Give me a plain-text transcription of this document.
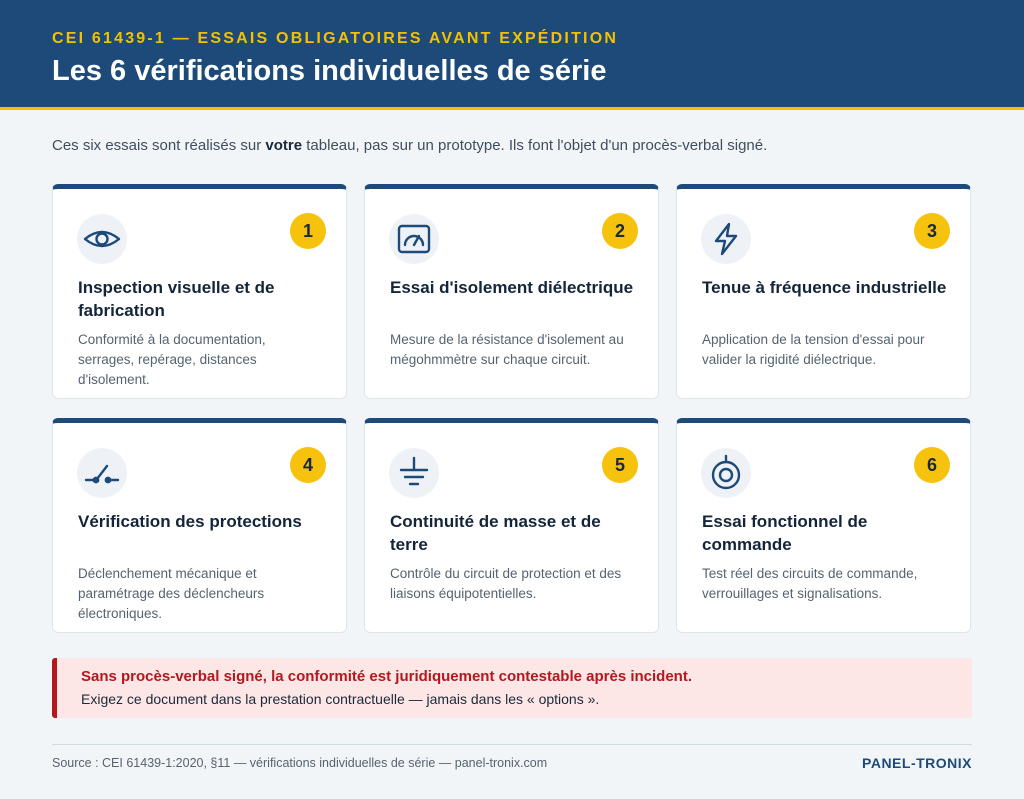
CEI 61439-1 — ESSAIS OBLIGATOIRES AVANT EXPÉDITION
Les 6 vérifications individuelles de série

Ces six essais sont réalisés sur votre tableau, pas sur un prototype. Ils font l'objet d'un procès-verbal signé.

1
Inspection visuelle et de fabrication
Conformité à la documentation, serrages, repérage, distances d'isolement.
2
Essai d'isolement diélectrique
Mesure de la résistance d'isolement au mégohmmètre sur chaque circuit.
3
Tenue à fréquence industrielle
Application de la tension d'essai pour valider la rigidité diélectrique.
4
Vérification des protections
Déclenchement mécanique et paramétrage des déclencheurs électroniques.
5
Continuité de masse et de terre
Contrôle du circuit de protection et des liaisons équipotentielles.
6
Essai fonctionnel de commande
Test réel des circuits de commande, verrouillages et signalisations.
Sans procès-verbal signé, la conformité est juridiquement contestable après incident.
Exigez ce document dans la prestation contractuelle — jamais dans les « options ».
Source : CEI 61439-1:2020, §11 — vérifications individuelles de série — panel-tronix.com	PANEL-TRONIX
